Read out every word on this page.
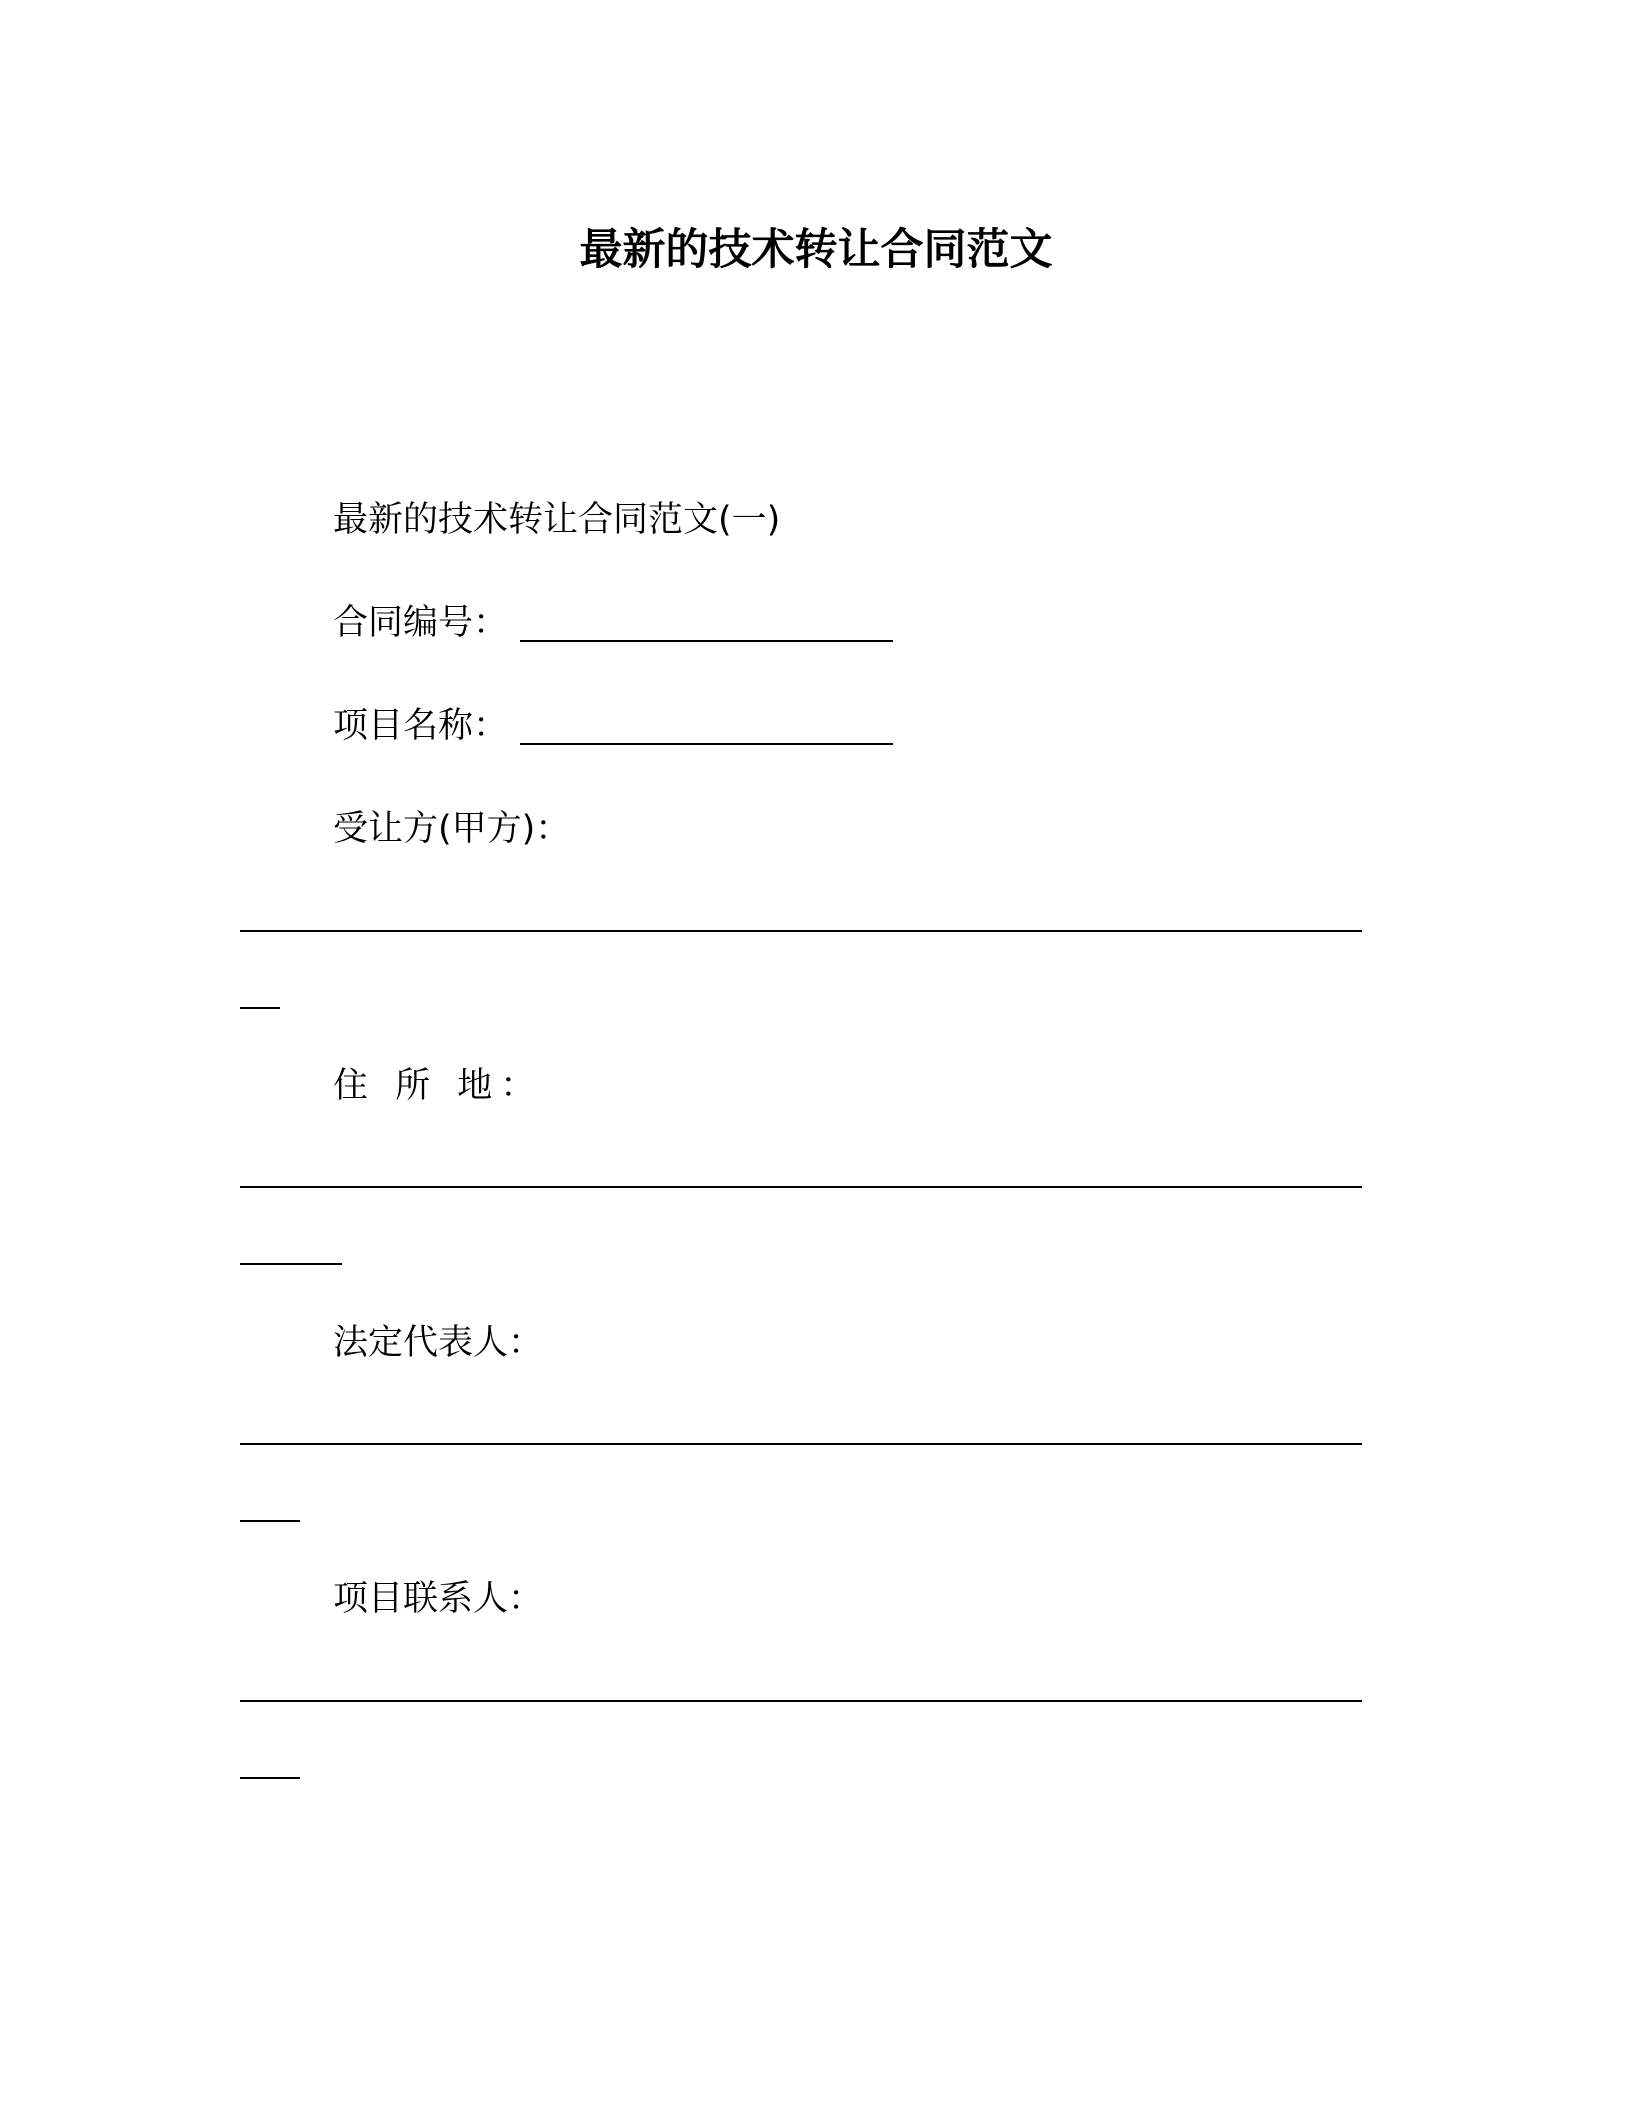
最新的技术转让合同范文
最新的技术转让合同范文(一)
合同编号：
项目名称：
受让方(甲方)：
住 所 地：
法定代表人：
项目联系人：
